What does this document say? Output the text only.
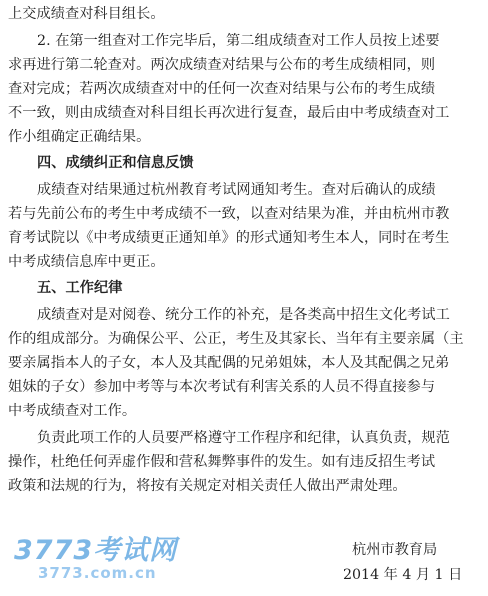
上交成绩查对科目组长。
2. 在第一组查对工作完毕后，第二组成绩查对工作人员按上述要
求再进行第二轮查对。两次成绩查对结果与公布的考生成绩相同，则
查对完成；若两次成绩查对中的任何一次查对结果与公布的考生成绩
不一致，则由成绩查对科目组长再次进行复查，最后由中考成绩查对工
作小组确定正确结果。
四、成绩纠正和信息反馈
成绩查对结果通过杭州教育考试网通知考生。查对后确认的成绩
若与先前公布的考生中考成绩不一致，以查对结果为准，并由杭州市教
育考试院以《中考成绩更正通知单》的形式通知考生本人，同时在考生
中考成绩信息库中更正。
五、工作纪律
成绩查对是对阅卷、统分工作的补充，是各类高中招生文化考试工
作的组成部分。为确保公平、公正，考生及其家长、当年有主要亲属（主
要亲属指本人的子女，本人及其配偶的兄弟姐妹，本人及其配偶之兄弟
姐妹的子女）参加中考等与本次考试有利害关系的人员不得直接参与
中考成绩查对工作。
负责此项工作的人员要严格遵守工作程序和纪律，认真负责，规范
操作，杜绝任何弄虚作假和营私舞弊事件的发生。如有违反招生考试
政策和法规的行为，将按有关规定对相关责任人做出严肃处理。
杭州市教育局
2014 年 4 月 1 日
3773考试网
3773.com.cn
